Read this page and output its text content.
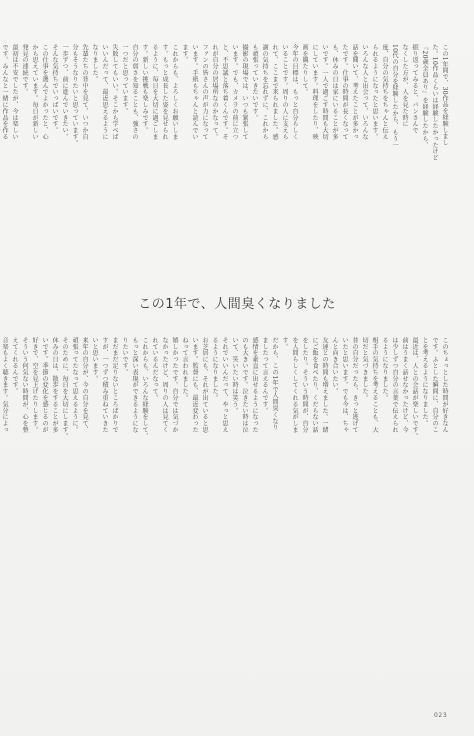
この1年間で、30作品を経験しまし
た。10作品くらいは経験したかったけど
『20歳全員あり』を経験したから、
振り返ってみると、パンさんで
なくした方が、人を見た時に
10代の自分を経験したから、もう一
度、自分の気持ちをちゃんと伝え
られるようになったと思います。
いろんな人と出会って、いろんな
話を聞いて、考えたことが多かっ
たです。仕事の時間が長くなって
も、休みの日は家にいることが多
いです。一人で過ごす時間も大切
にしています。料理をしたり、映
画を観たりして。
今年の目標は、もっと自分らしく
いることです。周りの人に支えら
れて、ここまで来られました。感
謝の気持ちを忘れずに、これから
も頑張っていきたいです。
撮影の現場では、いつも緊張して
います。でも、カメラの前に立つ
と、不思議と落ち着くんです。そ
れが自分の居場所なのかなって。
ファンの皆さんの声が力になって
います。手紙もちゃんと読んでい
ます。
これからも、よろしくお願いしま
す。もっと成長した姿を見せられ
るように、毎日を大切に過ごしま
す。新しい挑戦も楽しみです。
自分の弱さを知ることも、強さの
一つだと思っています。
失敗してもいい。そこから学べば
いいんだって、最近思えるように
なりました。
先輩たちの背中を見て、いつか自
分もそうなりたいと思っています。
一歩ずつ、前に進んでいきたい。
そんな気持ちでいっぱいです。
この仕事を選んでよかったと、心
から思えています。毎日が新しい
発見の連続です。
最初は不安でしたが、今は楽しい
です。みんなと一緒に作品を作る
この1年で、人間臭くなりました
このちょっとした時間が好きなん
です。ふとした瞬間に、自分のこ
とを考えるようになりました。
最近は、人との会話が楽しいです。
前はうまく話せなかったけど、今
は少しずつ自分の言葉で伝えられ
るようになりました。
相手の気持ちを考えることも、大
切だと気づきました。
昔の自分だったら、きっと逃げて
いたと思います。でも今は、ちゃ
んと向き合いたい。
友達との時間も増えました。一緒
にご飯を食べたり、くだらない話
をしたり。そういう時間が、自分
を人間らしくしてくれる気がしま
す。
だから、この1年で人間臭くなり
ましたって言えるんです。
感情を素直に出せるようになった
のも大きいです。泣きたい時は泣
いて、笑いたい時は笑う。
それでいいんだって、やっと思え
るようになりました。
お芝居にも、それが出ていると思
います。監督にも、最近変わった
ねって言われました。
嬉しかったです。自分では気づか
なかったけど、周りの人は見てく
れているんだなって。
これからも、いろんな経験をして、
もっと深い表現ができるようにな
りたいです。
まだまだ足りないところばかりで
すが、一つずつ積み重ねていきた
いと思います。
来年の自分が、今の自分を見て、
頑張ってたなって思えるように。
そのために、毎日を大切にします。
休みの日は、散歩をすることが多
いです。季節の変化を感じるのが
好きで、空を見上げたりします。
そういう何気ない時間が、心を整
えてくれるんです。
音楽もよく聴きます。気分によっ
023
